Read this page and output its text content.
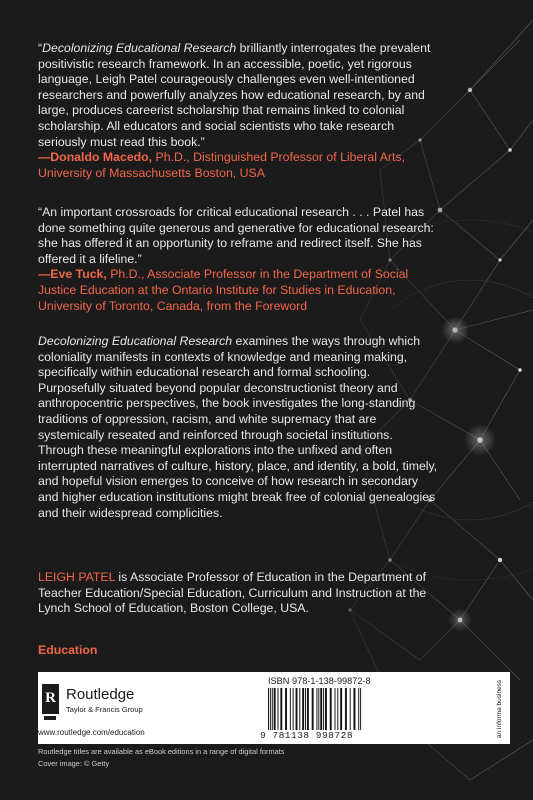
“Decolonizing Educational Research brilliantly interrogates the prevalent positivistic research framework. In an accessible, poetic, yet rigorous language, Leigh Patel courageously challenges even well-intentioned researchers and powerfully analyzes how educational research, by and large, produces careerist scholarship that remains linked to colonial scholarship. All educators and social scientists who take research seriously must read this book.”
—Donaldo Macedo, Ph.D., Distinguished Professor of Liberal Arts, University of Massachusetts Boston, USA
“An important crossroads for critical educational research . . . Patel has done something quite generous and generative for educational research: she has offered it an opportunity to reframe and redirect itself. She has offered it a lifeline.”
—Eve Tuck, Ph.D., Associate Professor in the Department of Social Justice Education at the Ontario Institute for Studies in Education, University of Toronto, Canada, from the Foreword
Decolonizing Educational Research examines the ways through which coloniality manifests in contexts of knowledge and meaning making, specifically within educational research and formal schooling. Purposefully situated beyond popular deconstructionist theory and anthropocentric perspectives, the book investigates the long-standing traditions of oppression, racism, and white supremacy that are systemically reseated and reinforced through societal institutions. Through these meaningful explorations into the unfixed and often interrupted narratives of culture, history, place, and identity, a bold, timely, and hopeful vision emerges to conceive of how research in secondary and higher education institutions might break free of colonial genealogies and their widespread complicities.
LEIGH PATEL is Associate Professor of Education in the Department of Teacher Education/Special Education, Curriculum and Instruction at the Lynch School of Education, Boston College, USA.
Education
R Routledge
Taylor & Francis Group
www.routledge.com/education
ISBN 978-1-138-99872-8
9 781138 998728	an informa business
Routledge titles are available as eBook editions in a range of digital formats
Cover image: © Getty
